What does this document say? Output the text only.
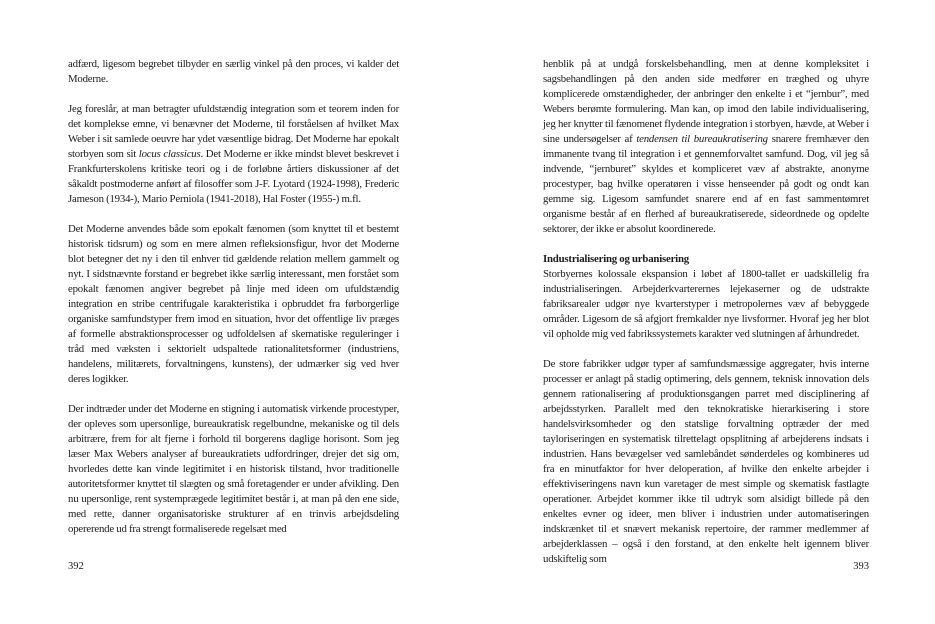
adfærd, ligesom begrebet tilbyder en særlig vinkel på den proces, vi kalder det Moderne.

Jeg foreslår, at man betragter ufuldstændig integration som et teorem inden for det komplekse emne, vi benævner det Moderne, til forståelsen af hvilket Max Weber i sit samlede oeuvre har ydet væsentlige bidrag. Det Moderne har epokalt storbyen som sit locus classicus. Det Moderne er ikke mindst blevet beskrevet i Frankfurterskolens kritiske teori og i de forløbne årtiers diskussioner af det såkaldt postmoderne anført af filosoffer som J-F. Lyotard (1924-1998), Frederic Jameson (1934-), Mario Perniola (1941-2018), Hal Foster (1955-) m.fl.

Det Moderne anvendes både som epokalt fænomen (som knyttet til et bestemt historisk tidsrum) og som en mere almen refleksionsfigur, hvor det Moderne blot betegner det ny i den til enhver tid gældende relation mellem gammelt og nyt. I sidstnævnte forstand er begrebet ikke særlig interessant, men forstået som epokalt fænomen angiver begrebet på linje med ideen om ufuldstændig integration en stribe centrifugale karakteristika i opbruddet fra førborgerlige organiske samfundstyper frem imod en situation, hvor det offentlige liv præges af formelle abstraktionsprocesser og udfoldelsen af skematiske reguleringer i tråd med væksten i sektorielt udspaltede rationalitetsformer (industriens, handelens, militærets, forvaltningens, kunstens), der udmærker sig ved hver deres logikker.

Der indtræder under det Moderne en stigning i automatisk virkende procestyper, der opleves som upersonlige, bureaukratisk regelbundne, mekaniske og til dels arbitrære, frem for alt fjerne i forhold til borgerens daglige horisont. Som jeg læser Max Webers analyser af bureaukratiets udfordringer, drejer det sig om, hvorledes dette kan vinde legitimitet i en historisk tilstand, hvor traditionelle autoritetsformer knyttet til slægten og små foretagender er under afvikling. Den nu upersonlige, rent systemprægede legitimitet består i, at man på den ene side, med rette, danner organisatoriske strukturer af en trinvis arbejdsdeling opererende ud fra strengt formaliserede regelsæt med

392

henblik på at undgå forskelsbehandling, men at denne kompleksitet i sagsbehandlingen på den anden side medfører en træghed og uhyre komplicerede omstændigheder, der anbringer den enkelte i et “jernbur”, med Webers berømte formulering. Man kan, op imod den labile individualisering, jeg her knytter til fænomenet flydende integration i storbyen, hævde, at Weber i sine undersøgelser af tendensen til bureaukratisering snarere fremhæver den immanente tvang til integration i et gennemforvaltet samfund. Dog, vil jeg så indvende, “jernburet” skyldes et kompliceret væv af abstrakte, anonyme procestyper, bag hvilke operatøren i visse henseender på godt og ondt kan gemme sig. Ligesom samfundet snarere end af en fast sammentømret organisme består af en flerhed af bureaukratiserede, sideordnede og opdelte sektorer, der ikke er absolut koordinerede.

Industrialisering og urbanisering

Storbyernes kolossale ekspansion i løbet af 1800-tallet er uadskillelig fra industrialiseringen. Arbejderkvarterernes lejekaserner og de udstrakte fabriksarealer udgør nye kvarterstyper i metropolernes væv af bebyggede områder. Ligesom de så afgjort fremkalder nye livsformer. Hvoraf jeg her blot vil opholde mig ved fabrikssystemets karakter ved slutningen af århundredet.

De store fabrikker udgør typer af samfundsmæssige aggregater, hvis interne processer er anlagt på stadig optimering, dels gennem, teknisk innovation dels gennem rationalisering af produktionsgangen parret med disciplinering af arbejdsstyrken. Parallelt med den teknokratiske hierarkisering i store handelsvirksomheder og den statslige forvaltning optræder der med tayloriseringen en systematisk tilrettelagt opsplitning af arbejderens indsats i industrien. Hans bevægelser ved samlebåndet sønderdeles og kombineres ud fra en minutfaktor for hver deloperation, af hvilke den enkelte arbejder i effektiviseringens navn kun varetager de mest simple og skematisk fastlagte operationer. Arbejdet kommer ikke til udtryk som alsidigt billede på den enkeltes evner og ideer, men bliver i industrien under automatiseringen indskrænket til et snævert mekanisk repertoire, der rammer medlemmer af arbejderklassen – også i den forstand, at den enkelte helt igennem bliver udskiftelig som

393
